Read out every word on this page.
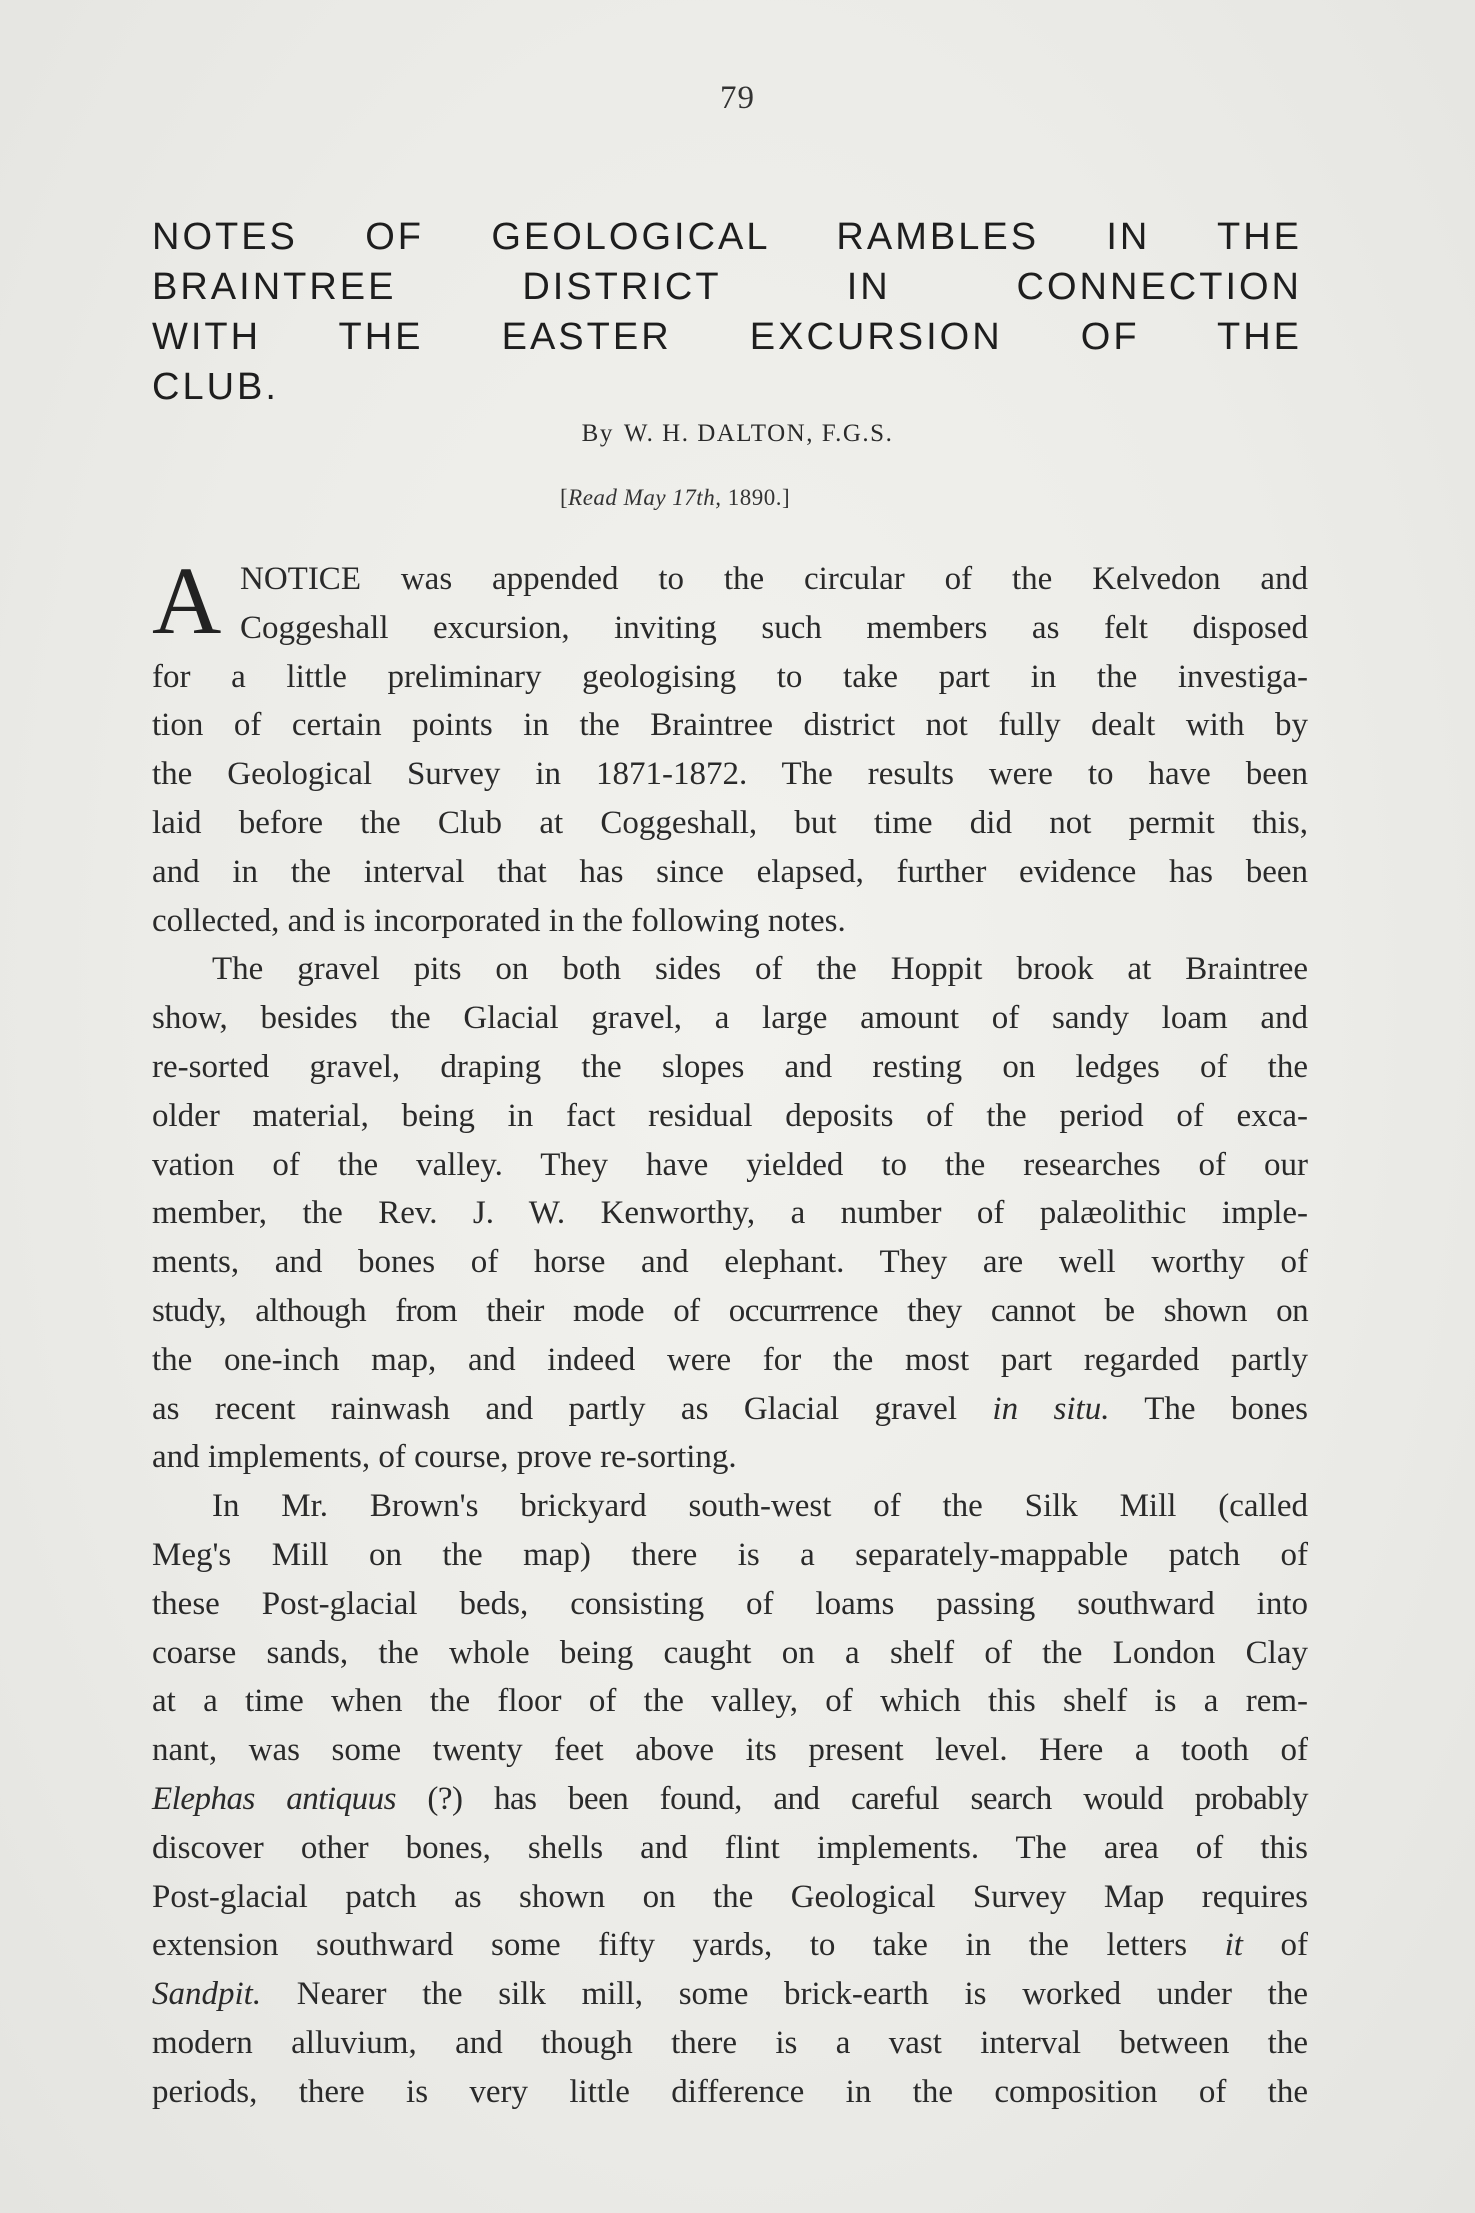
79
NOTES OF GEOLOGICAL RAMBLES IN THE
BRAINTREE DISTRICT IN CONNECTION
WITH THE EASTER EXCURSION OF THE
CLUB.
By W. H. DALTON, F.G.S.
[Read May 17th, 1890.]
A NOTICE was appended to the circular of the Kelvedon and
Coggeshall excursion, inviting such members as felt disposed
for a little preliminary geologising to take part in the investiga-
tion of certain points in the Braintree district not fully dealt with by
the Geological Survey in 1871-1872. The results were to have been
laid before the Club at Coggeshall, but time did not permit this,
and in the interval that has since elapsed, further evidence has been
collected, and is incorporated in the following notes.
The gravel pits on both sides of the Hoppit brook at Braintree
show, besides the Glacial gravel, a large amount of sandy loam and
re-sorted gravel, draping the slopes and resting on ledges of the
older material, being in fact residual deposits of the period of exca-
vation of the valley. They have yielded to the researches of our
member, the Rev. J. W. Kenworthy, a number of palæolithic imple-
ments, and bones of horse and elephant. They are well worthy of
study, although from their mode of occurrrence they cannot be shown on
the one-inch map, and indeed were for the most part regarded partly
as recent rainwash and partly as Glacial gravel in situ. The bones
and implements, of course, prove re-sorting.
In Mr. Brown's brickyard south-west of the Silk Mill (called
Meg's Mill on the map) there is a separately-mappable patch of
these Post-glacial beds, consisting of loams passing southward into
coarse sands, the whole being caught on a shelf of the London Clay
at a time when the floor of the valley, of which this shelf is a rem-
nant, was some twenty feet above its present level. Here a tooth of
Elephas antiquus (?) has been found, and careful search would probably
discover other bones, shells and flint implements. The area of this
Post-glacial patch as shown on the Geological Survey Map requires
extension southward some fifty yards, to take in the letters it of
Sandpit. Nearer the silk mill, some brick-earth is worked under the
modern alluvium, and though there is a vast interval between the
periods, there is very little difference in the composition of the
